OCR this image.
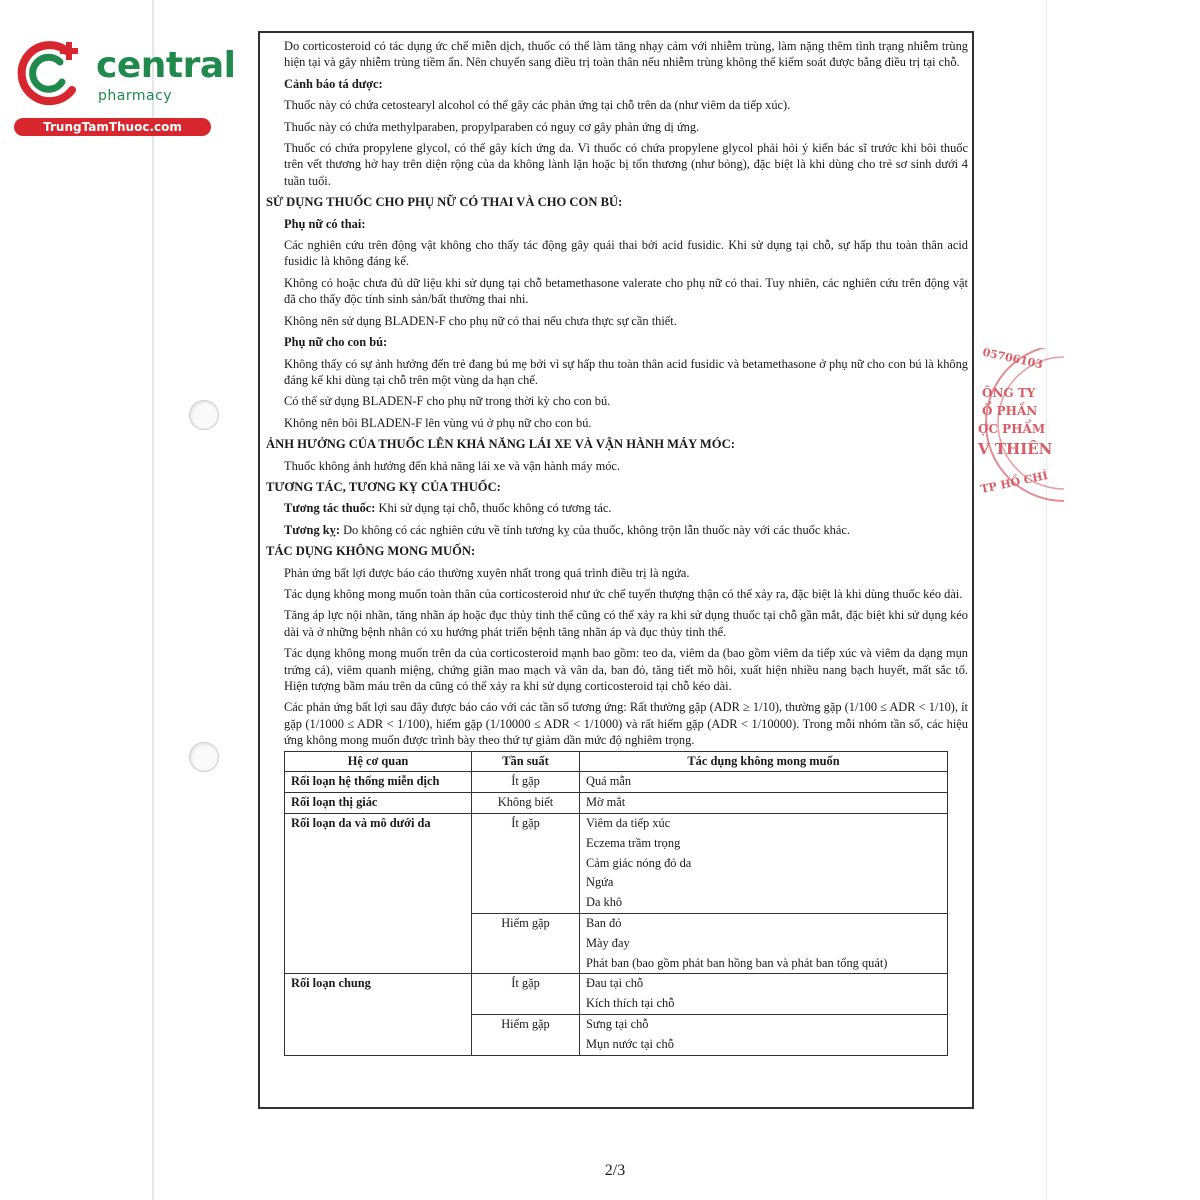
central
pharmacy
TrungTamThuoc.com

Do corticosteroid có tác dụng ức chế miễn dịch, thuốc có thể làm tăng nhạy cảm với nhiễm trùng, làm nặng thêm tình trạng nhiễm trùng hiện tại và gây nhiễm trùng tiềm ẩn. Nên chuyển sang điều trị toàn thân nếu nhiễm trùng không thể kiểm soát được bằng điều trị tại chỗ.

Cảnh báo tá dược:

Thuốc này có chứa cetostearyl alcohol có thể gây các phản ứng tại chỗ trên da (như viêm da tiếp xúc).

Thuốc này có chứa methylparaben, propylparaben có nguy cơ gây phản ứng dị ứng.

Thuốc có chứa propylene glycol, có thể gây kích ứng da. Vì thuốc có chứa propylene glycol phải hỏi ý kiến bác sĩ trước khi bôi thuốc trên vết thương hở hay trên diện rộng của da không lành lặn hoặc bị tổn thương (như bỏng), đặc biệt là khi dùng cho trẻ sơ sinh dưới 4 tuần tuổi.

SỬ DỤNG THUỐC CHO PHỤ NỮ CÓ THAI VÀ CHO CON BÚ:
Phụ nữ có thai:

Các nghiên cứu trên động vật không cho thấy tác động gây quái thai bởi acid fusidic. Khi sử dụng tại chỗ, sự hấp thu toàn thân acid fusidic là không đáng kể.

Không có hoặc chưa đủ dữ liệu khi sử dụng tại chỗ betamethasone valerate cho phụ nữ có thai. Tuy nhiên, các nghiên cứu trên động vật đã cho thấy độc tính sinh sản/bất thường thai nhi.

Không nên sử dụng BLADEN-F cho phụ nữ có thai nếu chưa thực sự cần thiết.

Phụ nữ cho con bú:

Không thấy có sự ảnh hưởng đến trẻ đang bú mẹ bởi vì sự hấp thu toàn thân acid fusidic và betamethasone ở phụ nữ cho con bú là không đáng kể khi dùng tại chỗ trên một vùng da hạn chế.

Có thể sử dụng BLADEN-F cho phụ nữ trong thời kỳ cho con bú.

Không nên bôi BLADEN-F lên vùng vú ở phụ nữ cho con bú.

ẢNH HƯỞNG CỦA THUỐC LÊN KHẢ NĂNG LÁI XE VÀ VẬN HÀNH MÁY MÓC:

Thuốc không ảnh hưởng đến khả năng lái xe và vận hành máy móc.

TƯƠNG TÁC, TƯƠNG KỴ CỦA THUỐC:

Tương tác thuốc: Khi sử dụng tại chỗ, thuốc không có tương tác.

Tương kỵ: Do không có các nghiên cứu về tính tương kỵ của thuốc, không trộn lẫn thuốc này với các thuốc khác.

TÁC DỤNG KHÔNG MONG MUỐN:

Phản ứng bất lợi được báo cáo thường xuyên nhất trong quá trình điều trị là ngứa.

Tác dụng không mong muốn toàn thân của corticosteroid như ức chế tuyến thượng thận có thể xảy ra, đặc biệt là khi dùng thuốc kéo dài.

Tăng áp lực nội nhãn, tăng nhãn áp hoặc đục thủy tinh thể cũng có thể xảy ra khi sử dụng thuốc tại chỗ gần mắt, đặc biệt khi sử dụng kéo dài và ở những bệnh nhân có xu hướng phát triển bệnh tăng nhãn áp và đục thủy tinh thể.

Tác dụng không mong muốn trên da của corticosteroid mạnh bao gồm: teo da, viêm da (bao gồm viêm da tiếp xúc và viêm da dạng mụn trứng cá), viêm quanh miệng, chứng giãn mao mạch và vân da, ban đỏ, tăng tiết mồ hôi, xuất hiện nhiều nang bạch huyết, mất sắc tố. Hiện tượng bầm máu trên da cũng có thể xảy ra khi sử dụng corticosteroid tại chỗ kéo dài.

Các phản ứng bất lợi sau đây được báo cáo với các tần số tương ứng: Rất thường gặp (ADR ≥ 1/10), thường gặp (1/100 ≤ ADR < 1/10), ít gặp (1/1000 ≤ ADR < 1/100), hiếm gặp (1/10000 ≤ ADR < 1/1000) và rất hiếm gặp (ADR < 1/10000). Trong mỗi nhóm tần số, các hiệu ứng không mong muốn được trình bày theo thứ tự giảm dần mức độ nghiêm trọng.

Hệ cơ quan	Tần suất	Tác dụng không mong muốn
Rối loạn hệ thống miễn dịch	Ít gặp	Quá mẫn

Rối loạn thị giác	Không biết	Mờ mắt

Rối loạn da và mô dưới da	Ít gặp	Viêm da tiếp xúc
Eczema trầm trọng
Cảm giác nóng đỏ da
Ngứa
Da khô

	Hiếm gặp	Ban đỏ
Mày đay
Phát ban (bao gồm phát ban hồng ban và phát ban tổng quát)

Rối loạn chung	Ít gặp	Đau tại chỗ
Kích thích tại chỗ

	Hiếm gặp	Sưng tại chỗ
Mụn nước tại chỗ
05706103
ÔNG TY
Ổ PHẦN
ỢC PHẨM
V THIÊN
TP HỒ CHÍ
2/3
